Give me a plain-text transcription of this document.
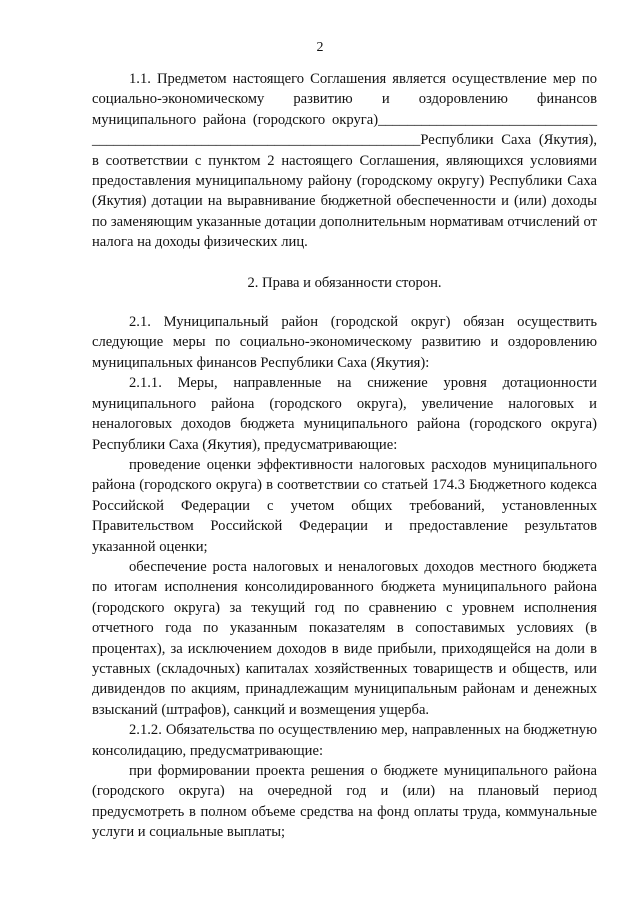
2

1.1. Предметом настоящего Соглашения является осуществление мер по социально-экономическому развитию и оздоровлению финансов муниципального района (городского округа)______________________________ _____________________________________________Республики Саха (Якутия), в соответствии с пунктом 2 настоящего Соглашения, являющихся условиями предоставления муниципальному району (городскому округу) Республики Саха (Якутия) дотации на выравнивание бюджетной обеспеченности и (или) доходы по заменяющим указанные дотации дополнительным нормативам отчислений от налога на доходы физических лиц.

2. Права и обязанности сторон.

2.1. Муниципальный район (городской округ) обязан осуществить следующие меры по социально-экономическому развитию и оздоровлению муниципальных финансов Республики Саха (Якутия):

2.1.1. Меры, направленные на снижение уровня дотационности муниципального района (городского округа), увеличение налоговых и неналоговых доходов бюджета муниципального района (городского округа) Республики Саха (Якутия), предусматривающие:

проведение оценки эффективности налоговых расходов муниципального района (городского округа) в соответствии со статьей 174.3 Бюджетного кодекса Российской Федерации с учетом общих требований, установленных Правительством Российской Федерации и предоставление результатов указанной оценки;

обеспечение роста налоговых и неналоговых доходов местного бюджета по итогам исполнения консолидированного бюджета муниципального района (городского округа) за текущий год по сравнению с уровнем исполнения отчетного года по указанным показателям в сопоставимых условиях (в процентах), за исключением доходов в виде прибыли, приходящейся на доли в уставных (складочных) капиталах хозяйственных товариществ и обществ, или дивидендов по акциям, принадлежащим муниципальным районам и денежных взысканий (штрафов), санкций и возмещения ущерба.

2.1.2. Обязательства по осуществлению мер, направленных на бюджетную консолидацию, предусматривающие:

при формировании проекта решения о бюджете муниципального района (городского округа) на очередной год и (или) на плановый период предусмотреть в полном объеме средства на фонд оплаты труда, коммунальные услуги и социальные выплаты;
